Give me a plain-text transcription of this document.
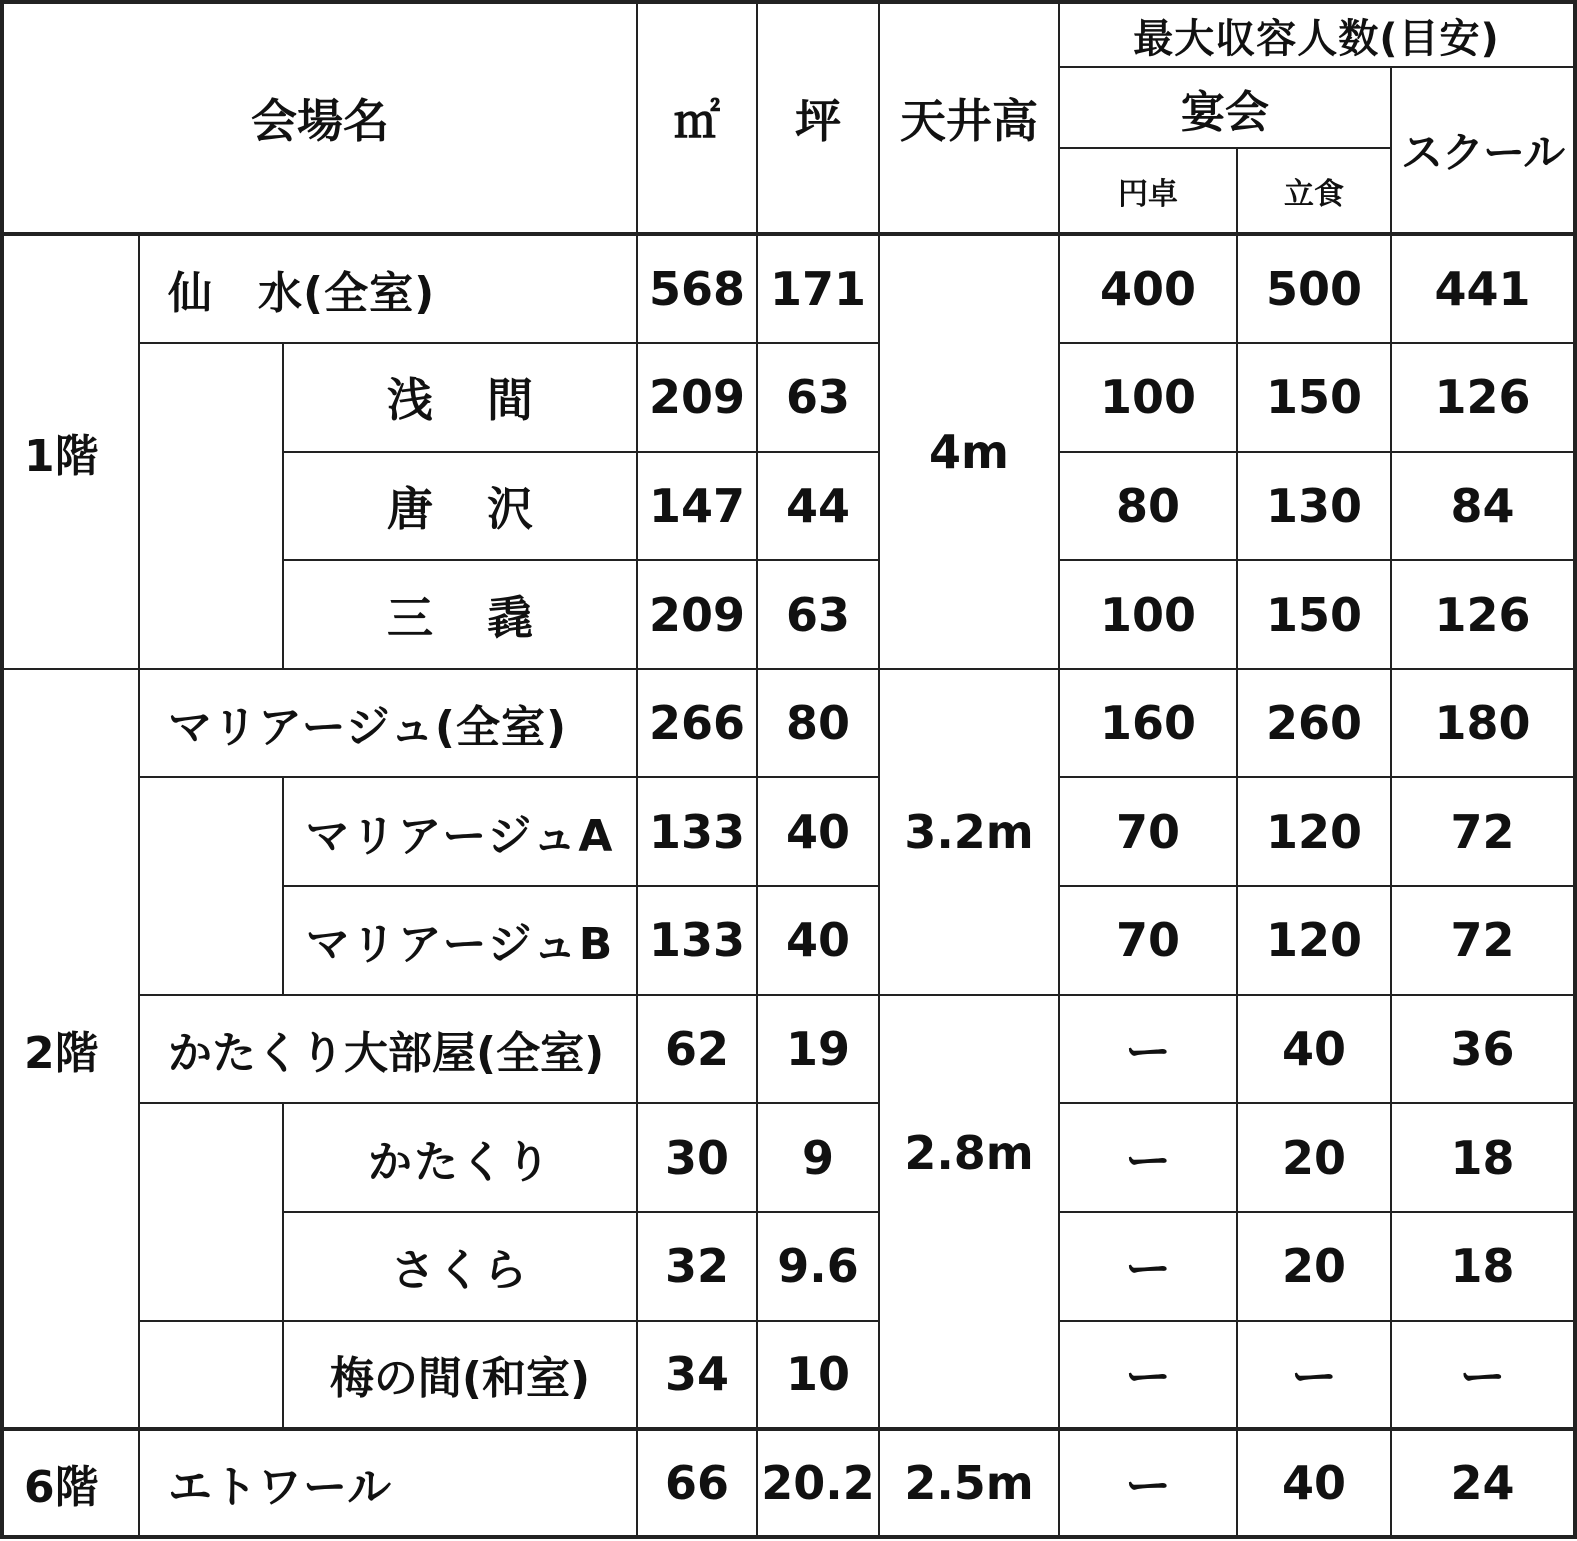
会場名			㎡	坪	天井高	最大収容人数(目安)		
						宴会		スクール
						円卓	立食	
1階	仙　水(全室)		568	171	4m	400	500	441
		浅間	209	63		100	150	126
		唐沢	147	44		80	130	84
		三毳	209	63		100	150	126
2階	マリアージュ(全室)		266	80	3.2m	160	260	180
		マリアージュA	133	40		70	120	72
		マリアージュB	133	40		70	120	72
	かたくり大部屋(全室)		62	19	2.8m	ー	40	36
		かたくり	30	9		ー	20	18
		さくら	32	9.6		ー	20	18
		梅の間(和室)	34	10		ー	ー	ー
6階	エトワール		66	20.2	2.5m	ー	40	24
